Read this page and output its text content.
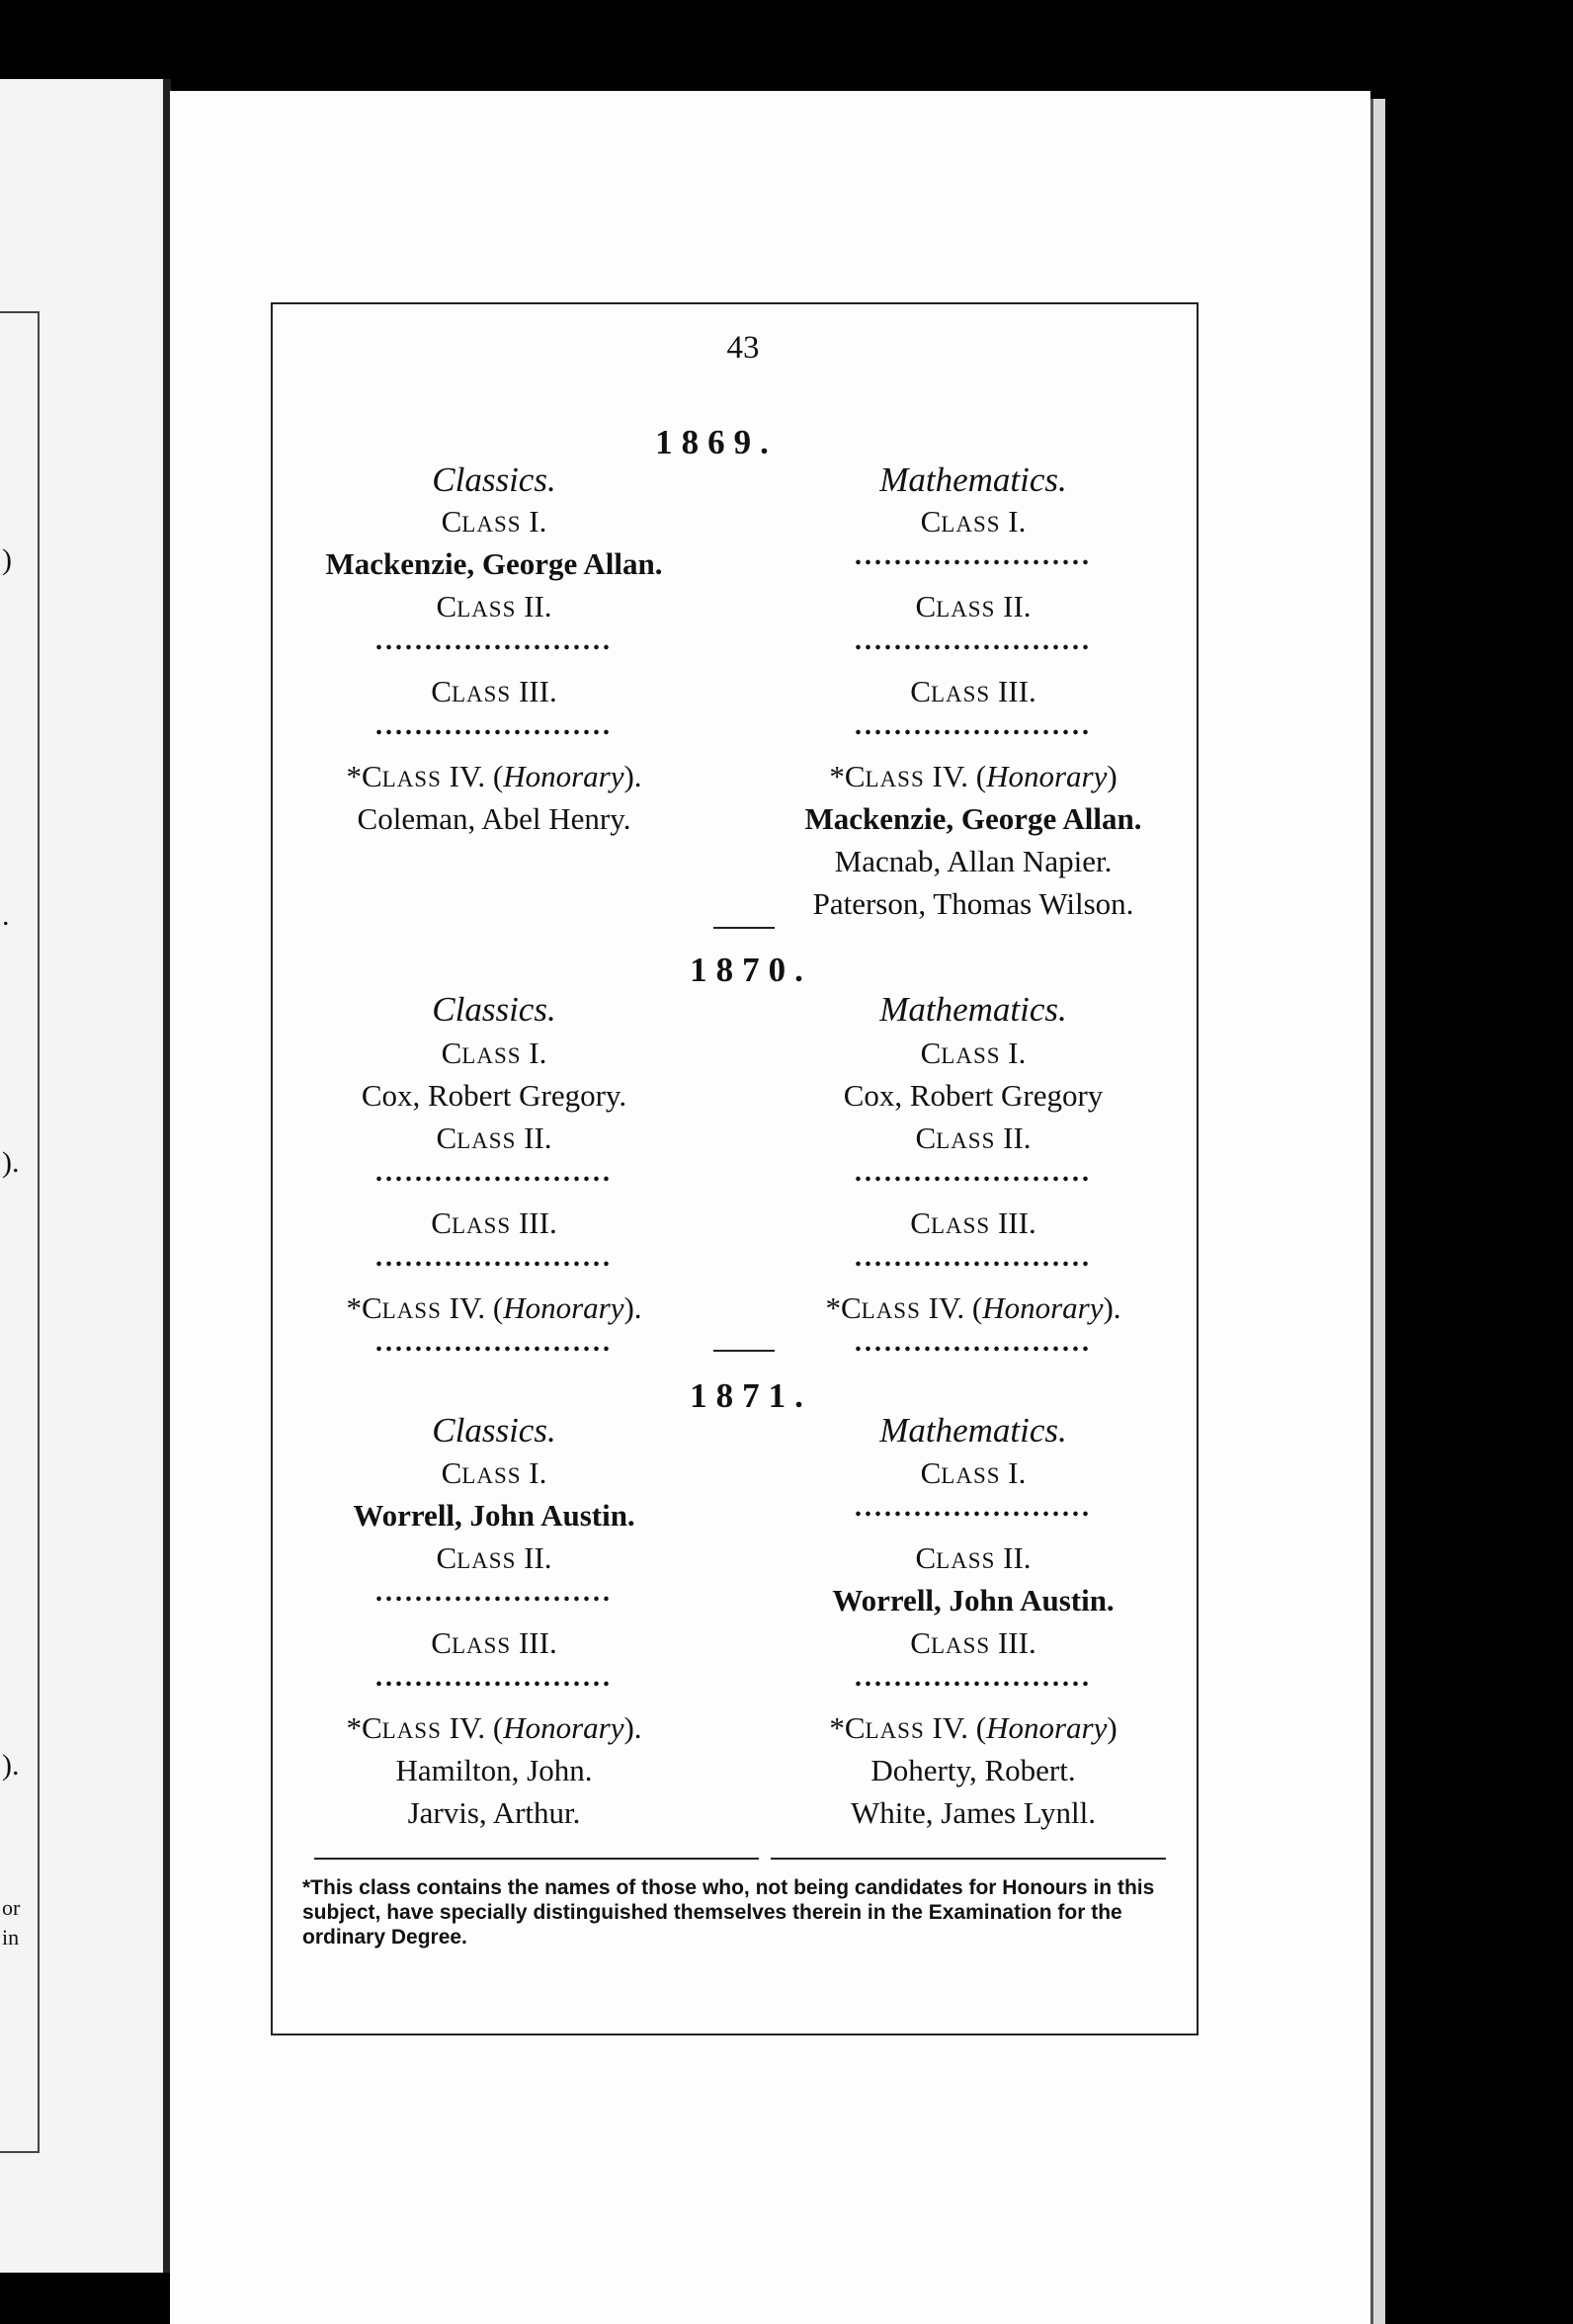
)
.
).
).
or
in
43
1869.
Classics.
CLASS I.
Mackenzie, George Allan.
CLASS II.
........................
CLASS III.
........................
*CLASS IV. (Honorary).
Coleman, Abel Henry.
Mathematics.
CLASS I.
........................
CLASS II.
........................
CLASS III.
........................
*CLASS IV. (Honorary)
Mackenzie, George Allan.
Macnab, Allan Napier.
Paterson, Thomas Wilson.
1870.
Classics.
CLASS I.
Cox, Robert Gregory.
CLASS II.
........................
CLASS III.
........................
*CLASS IV. (Honorary).
........................
Mathematics.
CLASS I.
Cox, Robert Gregory
CLASS II.
........................
CLASS III.
........................
*CLASS IV. (Honorary).
........................
1871.
Classics.
CLASS I.
Worrell, John Austin.
CLASS II.
........................
CLASS III.
........................
*CLASS IV. (Honorary).
Hamilton, John.
Jarvis, Arthur.
Mathematics.
CLASS I.
........................
CLASS II.
Worrell, John Austin.
CLASS III.
........................
*CLASS IV. (Honorary)
Doherty, Robert.
White, James Lynll.
*This class contains the names of those who, not being candidates for Honours in this subject, have specially distinguished themselves therein in the Examination for the ordinary Degree.
